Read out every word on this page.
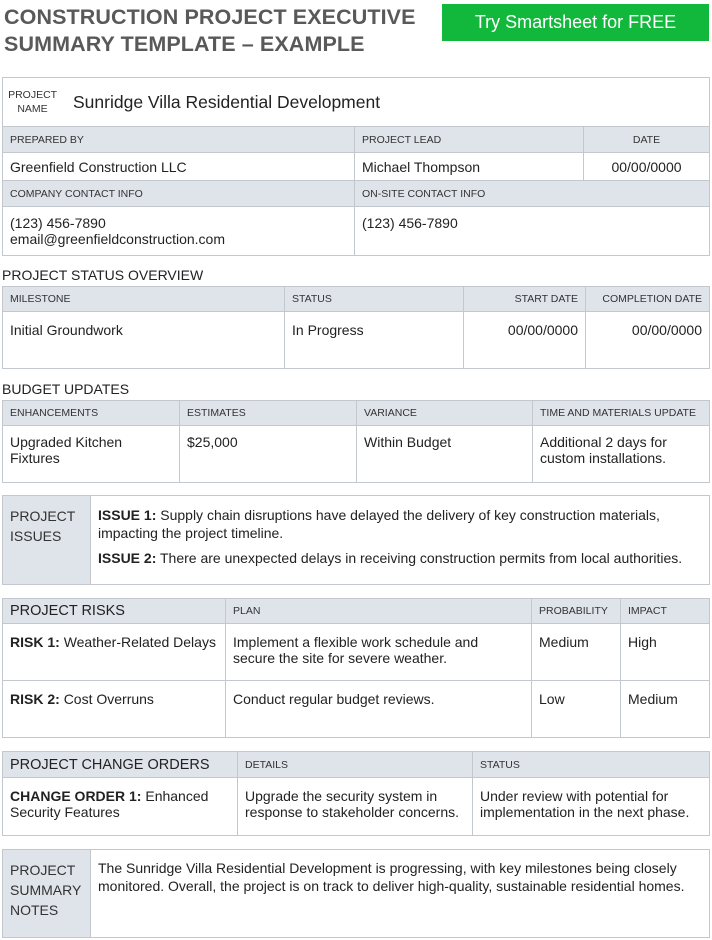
CONSTRUCTION PROJECT EXECUTIVE SUMMARY TEMPLATE – EXAMPLE
Try Smartsheet for FREE
PROJECT NAME Sunridge Villa Residential Development		

PREPARED BY	PROJECT LEAD	DATE
Greenfield Construction LLC	Michael Thompson	00/00/0000
COMPANY CONTACT INFO	ON-SITE CONTACT INFO	

(123) 456-7890
email@greenfieldconstruction.com	(123) 456-7890	
PROJECT STATUS OVERVIEW
MILESTONE	STATUS	START DATE	COMPLETION DATE
Initial Groundwork	In Progress	00/00/0000	00/00/0000
BUDGET UPDATES
ENHANCEMENTS	ESTIMATES	VARIANCE	TIME AND MATERIALS UPDATE
Upgraded Kitchen Fixtures	$25,000	Within Budget	Additional 2 days for custom installations.
PROJECT ISSUES	

ISSUE 1: Supply chain disruptions have delayed the delivery of key construction materials, impacting the project timeline.

ISSUE 2: There are unexpected delays in receiving construction permits from local authorities.

PROJECT RISKS	PLAN	PROBABILITY	IMPACT
RISK 1: Weather-Related Delays	Implement a flexible work schedule and secure the site for severe weather.	Medium	High
RISK 2: Cost Overruns	Conduct regular budget reviews.	Low	Medium
PROJECT CHANGE ORDERS	DETAILS	STATUS
CHANGE ORDER 1: Enhanced Security Features	Upgrade the security system in response to stakeholder concerns.	Under review with potential for implementation in the next phase.
PROJECT SUMMARY NOTES	The Sunridge Villa Residential Development is progressing, with key milestones being closely monitored. Overall, the project is on track to deliver high-quality, sustainable residential homes.
